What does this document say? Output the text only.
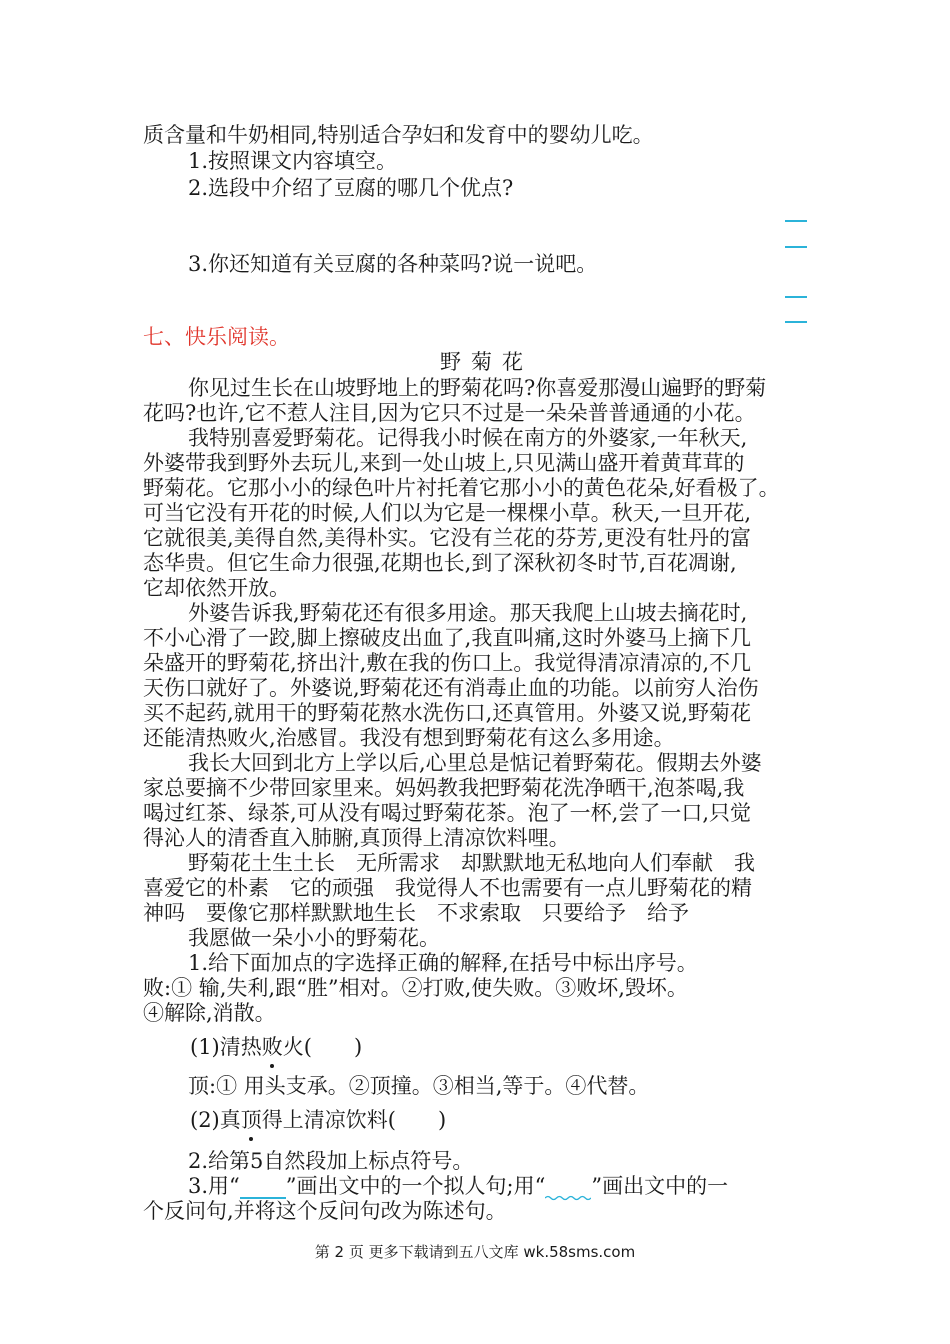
质含量和牛奶相同,特别适合孕妇和发育中的婴幼儿吃。
1.按照课文内容填空。
2.选段中介绍了豆腐的哪几个优点?
3.你还知道有关豆腐的各种菜吗?说一说吧。
七、快乐阅读。
野菊花
你见过生长在山坡野地上的野菊花吗?你喜爱那漫山遍野的野菊
花吗?也许,它不惹人注目,因为它只不过是一朵朵普普通通的小花。
我特别喜爱野菊花。记得我小时候在南方的外婆家,一年秋天,
外婆带我到野外去玩儿,来到一处山坡上,只见满山盛开着黄茸茸的
野菊花。它那小小的绿色叶片衬托着它那小小的黄色花朵,好看极了。
可当它没有开花的时候,人们以为它是一棵棵小草。秋天,一旦开花,
它就很美,美得自然,美得朴实。它没有兰花的芬芳,更没有牡丹的富
态华贵。但它生命力很强,花期也长,到了深秋初冬时节,百花凋谢,
它却依然开放。
外婆告诉我,野菊花还有很多用途。那天我爬上山坡去摘花时,
不小心滑了一跤,脚上擦破皮出血了,我直叫痛,这时外婆马上摘下几
朵盛开的野菊花,挤出汁,敷在我的伤口上。我觉得清凉清凉的,不几
天伤口就好了。外婆说,野菊花还有消毒止血的功能。以前穷人治伤
买不起药,就用干的野菊花熬水洗伤口,还真管用。外婆又说,野菊花
还能清热败火,治感冒。我没有想到野菊花有这么多用途。
我长大回到北方上学以后,心里总是惦记着野菊花。假期去外婆
家总要摘不少带回家里来。妈妈教我把野菊花洗净晒干,泡茶喝,我
喝过红茶、绿茶,可从没有喝过野菊花茶。泡了一杯,尝了一口,只觉
得沁人的清香直入肺腑,真顶得上清凉饮料哩。
野菊花土生土长　无所需求　却默默地无私地向人们奉献　我
喜爱它的朴素　它的顽强　我觉得人不也需要有一点儿野菊花的精
神吗　要像它那样默默地生长　不求索取　只要给予　给予
我愿做一朵小小的野菊花。
1.给下面加点的字选择正确的解释,在括号中标出序号。
败:① 输,失利,跟“胜”相对。②打败,使失败。③败坏,毁坏。
④解除,消散。
(1)清热败火(　　)
顶:① 用头支承。②顶撞。③相当,等于。④代替。
(2)真顶得上清凉饮料(　　)
2.给第5自然段加上标点符号。
3.用“ ”画出文中的一个拟人句;用“ ”画出文中的一
个反问句,并将这个反问句改为陈述句。
第 2 页 更多下载请到五八文库 wk.58sms.com
